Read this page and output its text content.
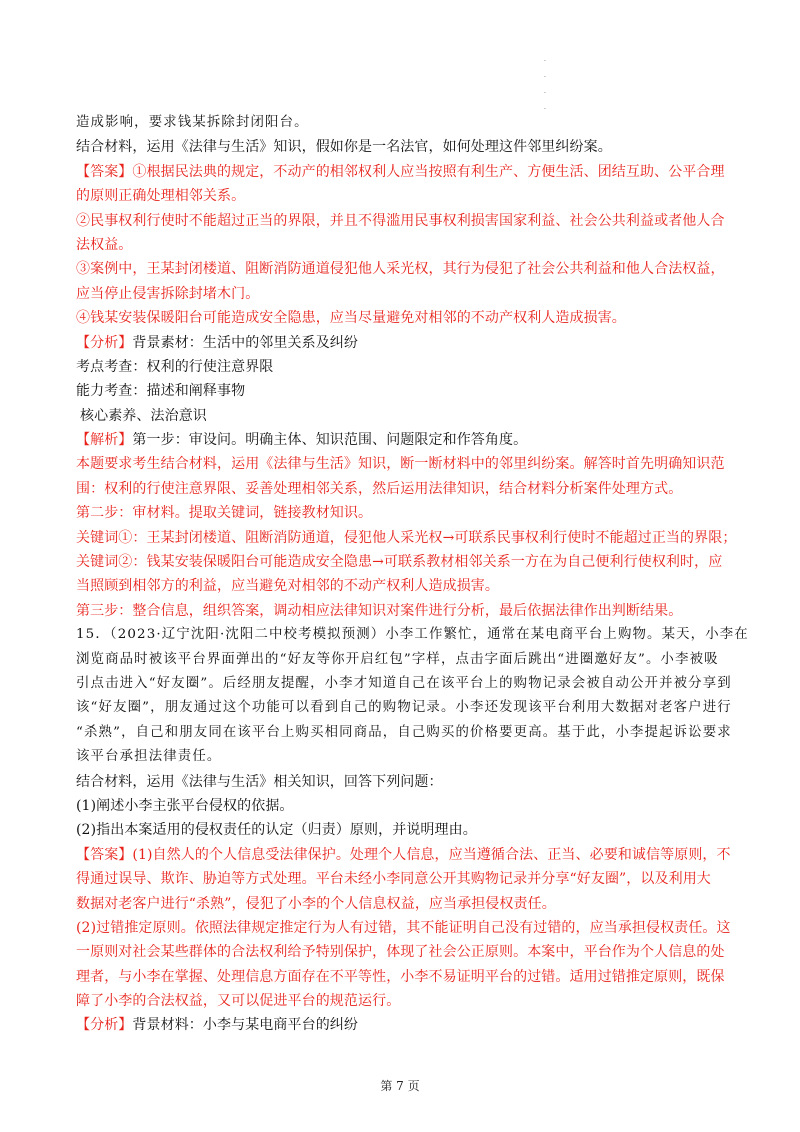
.
.
.
.
造成影响，要求钱某拆除封闭阳台。
结合材料，运用《法律与生活》知识，假如你是一名法官，如何处理这件邻里纠纷案。
【答案】①根据民法典的规定，不动产的相邻权利人应当按照有利生产、方便生活、团结互助、公平合理
的原则正确处理相邻关系。
②民事权利行使时不能超过正当的界限，并且不得滥用民事权利损害国家利益、社会公共利益或者他人合
法权益。
③案例中，王某封闭楼道、阻断消防通道侵犯他人采光权，其行为侵犯了社会公共利益和他人合法权益，
应当停止侵害拆除封堵木门。
④钱某安装保暖阳台可能造成安全隐患，应当尽量避免对相邻的不动产权利人造成损害。
【分析】背景素材：生活中的邻里关系及纠纷
考点考查：权利的行使注意界限
能力考查：描述和阐释事物
核心素养、法治意识
【解析】第一步：审设问。明确主体、知识范围、问题限定和作答角度。
本题要求考生结合材料，运用《法律与生活》知识，断一断材料中的邻里纠纷案。解答时首先明确知识范
围：权利的行使注意界限、妥善处理相邻关系，然后运用法律知识，结合材料分析案件处理方式。
第二步：审材料。提取关键词，链接教材知识。
关键词①：王某封闭楼道、阻断消防通道，侵犯他人采光权→可联系民事权利行使时不能超过正当的界限；
关键词②：钱某安装保暖阳台可能造成安全隐患→可联系教材相邻关系一方在为自己便利行使权利时，应
当照顾到相邻方的利益，应当避免对相邻的不动产权利人造成损害。
第三步：整合信息，组织答案，调动相应法律知识对案件进行分析，最后依据法律作出判断结果。
15．（2023·辽宁沈阳·沈阳二中校考模拟预测）小李工作繁忙，通常在某电商平台上购物。某天，小李在
浏览商品时被该平台界面弹出的“好友等你开启红包”字样，点击字面后跳出“进圈邀好友”。小李被吸
引点击进入“好友圈”。后经朋友提醒，小李才知道自己在该平台上的购物记录会被自动公开并被分享到
该“好友圈”，朋友通过这个功能可以看到自己的购物记录。小李还发现该平台利用大数据对老客户进行
“杀熟”，自己和朋友同在该平台上购买相同商品，自己购买的价格要更高。基于此，小李提起诉讼要求
该平台承担法律责任。
结合材料，运用《法律与生活》相关知识，回答下列问题：
(1)阐述小李主张平台侵权的依据。
(2)指出本案适用的侵权责任的认定（归责）原则，并说明理由。
【答案】(1)自然人的个人信息受法律保护。处理个人信息，应当遵循合法、正当、必要和诚信等原则，不
得通过误导、欺诈、胁迫等方式处理。平台未经小李同意公开其购物记录并分享“好友圈”，以及利用大
数据对老客户进行“杀熟”，侵犯了小李的个人信息权益，应当承担侵权责任。
(2)过错推定原则。依照法律规定推定行为人有过错，其不能证明自己没有过错的，应当承担侵权责任。这
一原则对社会某些群体的合法权利给予特别保护，体现了社会公正原则。本案中，平台作为个人信息的处
理者，与小李在掌握、处理信息方面存在不平等性，小李不易证明平台的过错。适用过错推定原则，既保
障了小李的合法权益，又可以促进平台的规范运行。
【分析】背景材料：小李与某电商平台的纠纷
第 7 页
